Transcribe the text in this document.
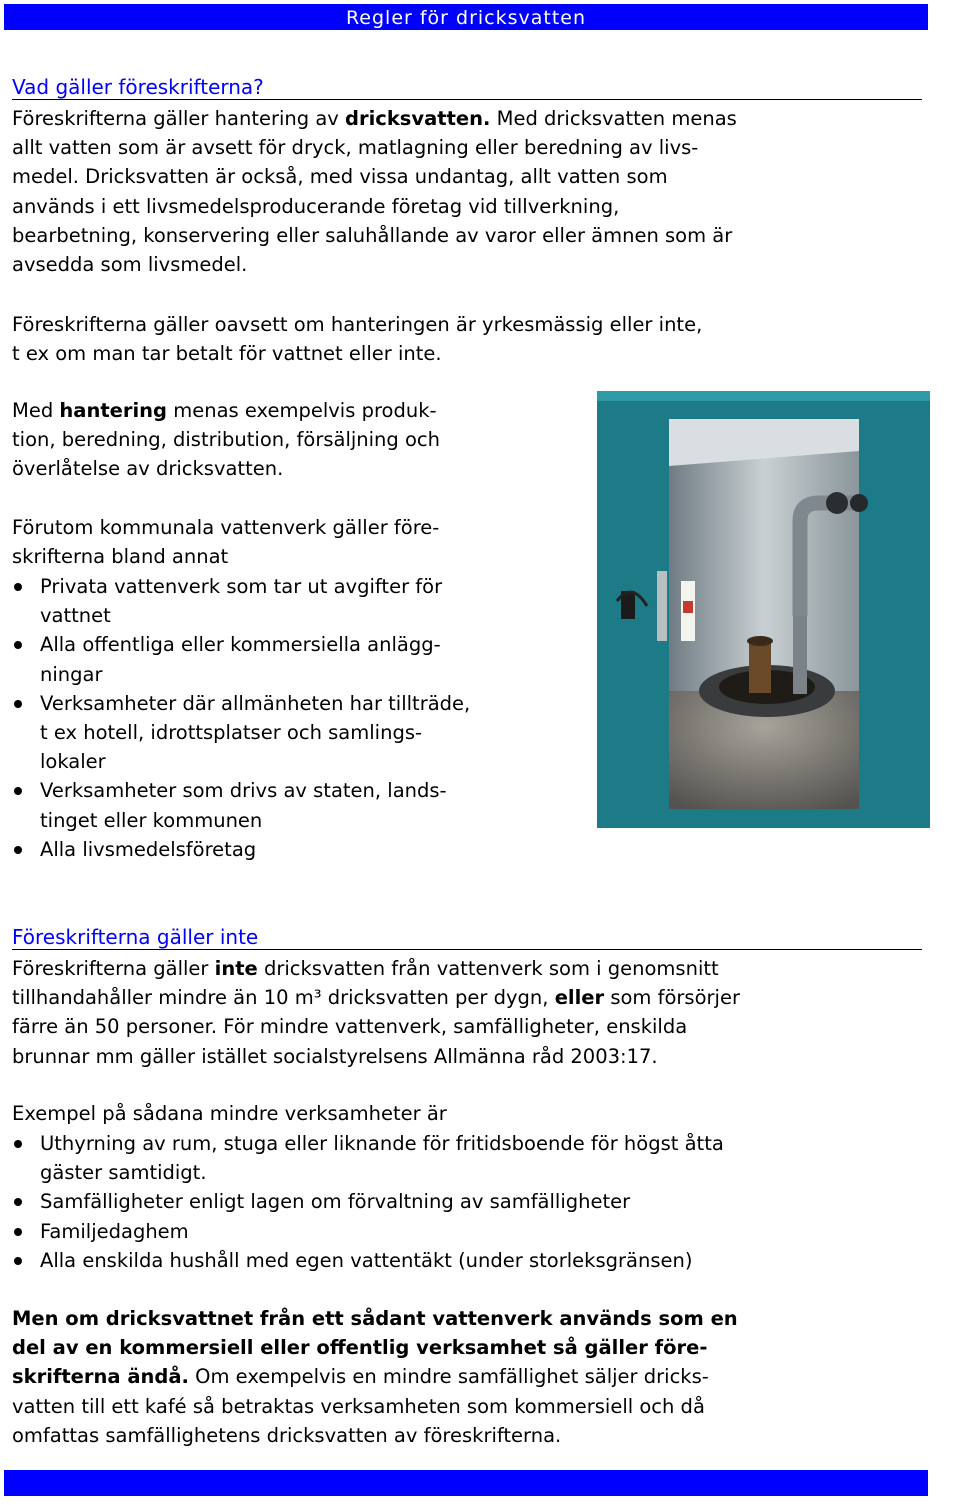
Regler för dricksvatten
Vad gäller föreskrifterna?
Föreskrifterna gäller hantering av dricksvatten. Med dricksvatten menas
allt vatten som är avsett för dryck, matlagning eller beredning av livs-
medel. Dricksvatten är också, med vissa undantag, allt vatten som
används i ett livsmedelsproducerande företag vid tillverkning,
bearbetning, konservering eller saluhållande av varor eller ämnen som är
avsedda som livsmedel.
Föreskrifterna gäller oavsett om hanteringen är yrkesmässig eller inte,
t ex om man tar betalt för vattnet eller inte.
Med hantering menas exempelvis produk-
tion, beredning, distribution, försäljning och
överlåtelse av dricksvatten.
Förutom kommunala vattenverk gäller före-
skrifterna bland annat
Privata vattenverk som tar ut avgifter för
vattnet
Alla offentliga eller kommersiella anlägg-
ningar
Verksamheter där allmänheten har tillträde,
t ex hotell, idrottsplatser och samlings-
lokaler
Verksamheter som drivs av staten, lands-
tinget eller kommunen
Alla livsmedelsföretag
Föreskrifterna gäller inte
Föreskrifterna gäller inte dricksvatten från vattenverk som i genomsnitt
tillhandahåller mindre än 10 m³ dricksvatten per dygn, eller som försörjer
färre än 50 personer. För mindre vattenverk, samfälligheter, enskilda
brunnar mm gäller istället socialstyrelsens Allmänna råd 2003:17.
Exempel på sådana mindre verksamheter är
Uthyrning av rum, stuga eller liknande för fritidsboende för högst åtta
gäster samtidigt.
Samfälligheter enligt lagen om förvaltning av samfälligheter
Familjedaghem
Alla enskilda hushåll med egen vattentäkt (under storleksgränsen)
Men om dricksvattnet från ett sådant vattenverk används som en
del av en kommersiell eller offentlig verksamhet så gäller före-
skrifterna ändå. Om exempelvis en mindre samfällighet säljer dricks-
vatten till ett kafé så betraktas verksamheten som kommersiell och då
omfattas samfällighetens dricksvatten av föreskrifterna.
